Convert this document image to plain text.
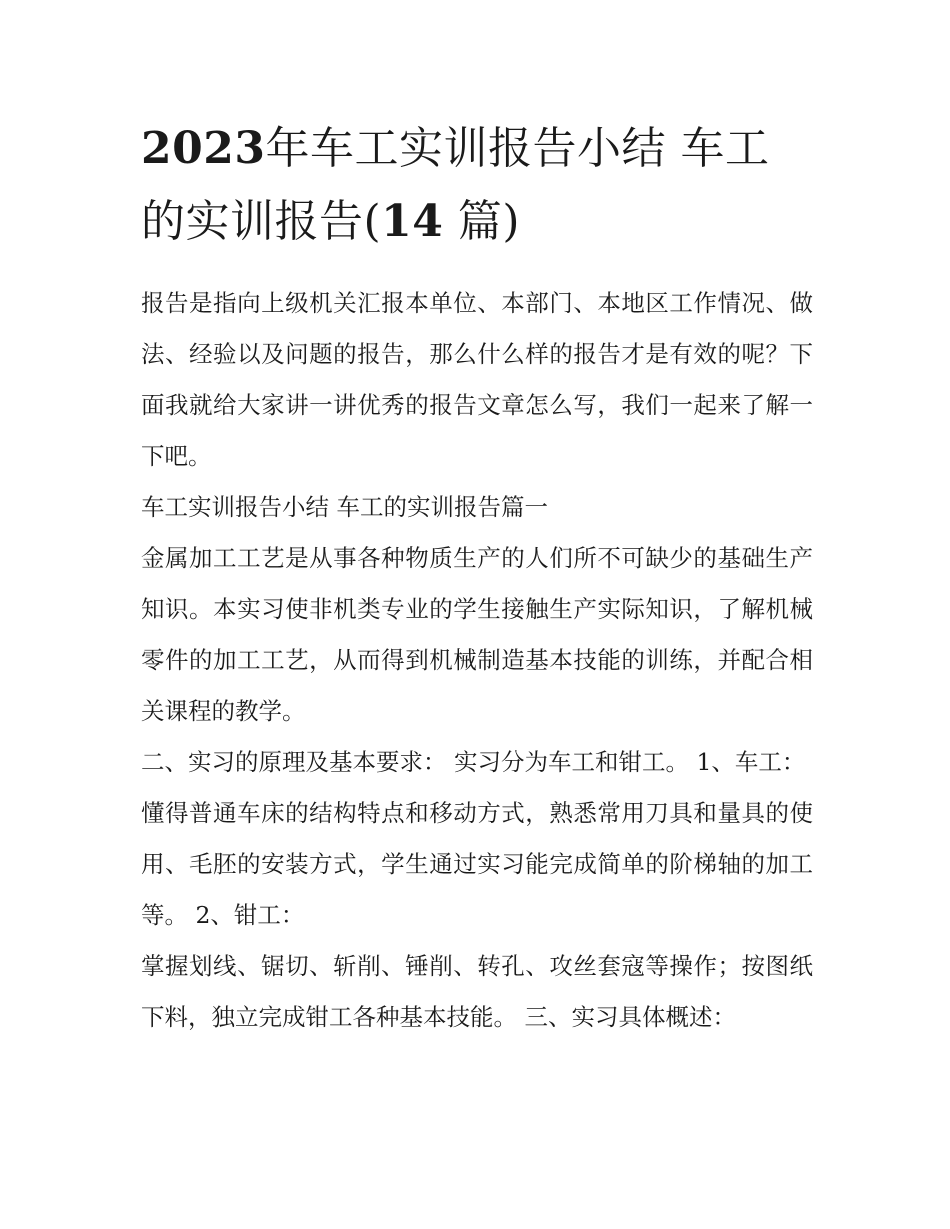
2023年车工实训报告小结 车工的实训报告(14 篇)

报告是指向上级机关汇报本单位、本部门、本地区工作情况、做法、经验以及问题的报告，那么什么样的报告才是有效的呢？下面我就给大家讲一讲优秀的报告文章怎么写，我们一起来了解一下吧。

车工实训报告小结 车工的实训报告篇一

金属加工工艺是从事各种物质生产的人们所不可缺少的基础生产知识。本实习使非机类专业的学生接触生产实际知识，了解机械零件的加工工艺，从而得到机械制造基本技能的训练，并配合相关课程的教学。

二、实习的原理及基本要求： 实习分为车工和钳工。 1、车工：

懂得普通车床的结构特点和移动方式，熟悉常用刀具和量具的使用、毛胚的安装方式，学生通过实习能完成简单的阶梯轴的加工等。 2、钳工：

掌握划线、锯切、斩削、锤削、转孔、攻丝套寇等操作；按图纸下料，独立完成钳工各种基本技能。 三、实习具体概述：
